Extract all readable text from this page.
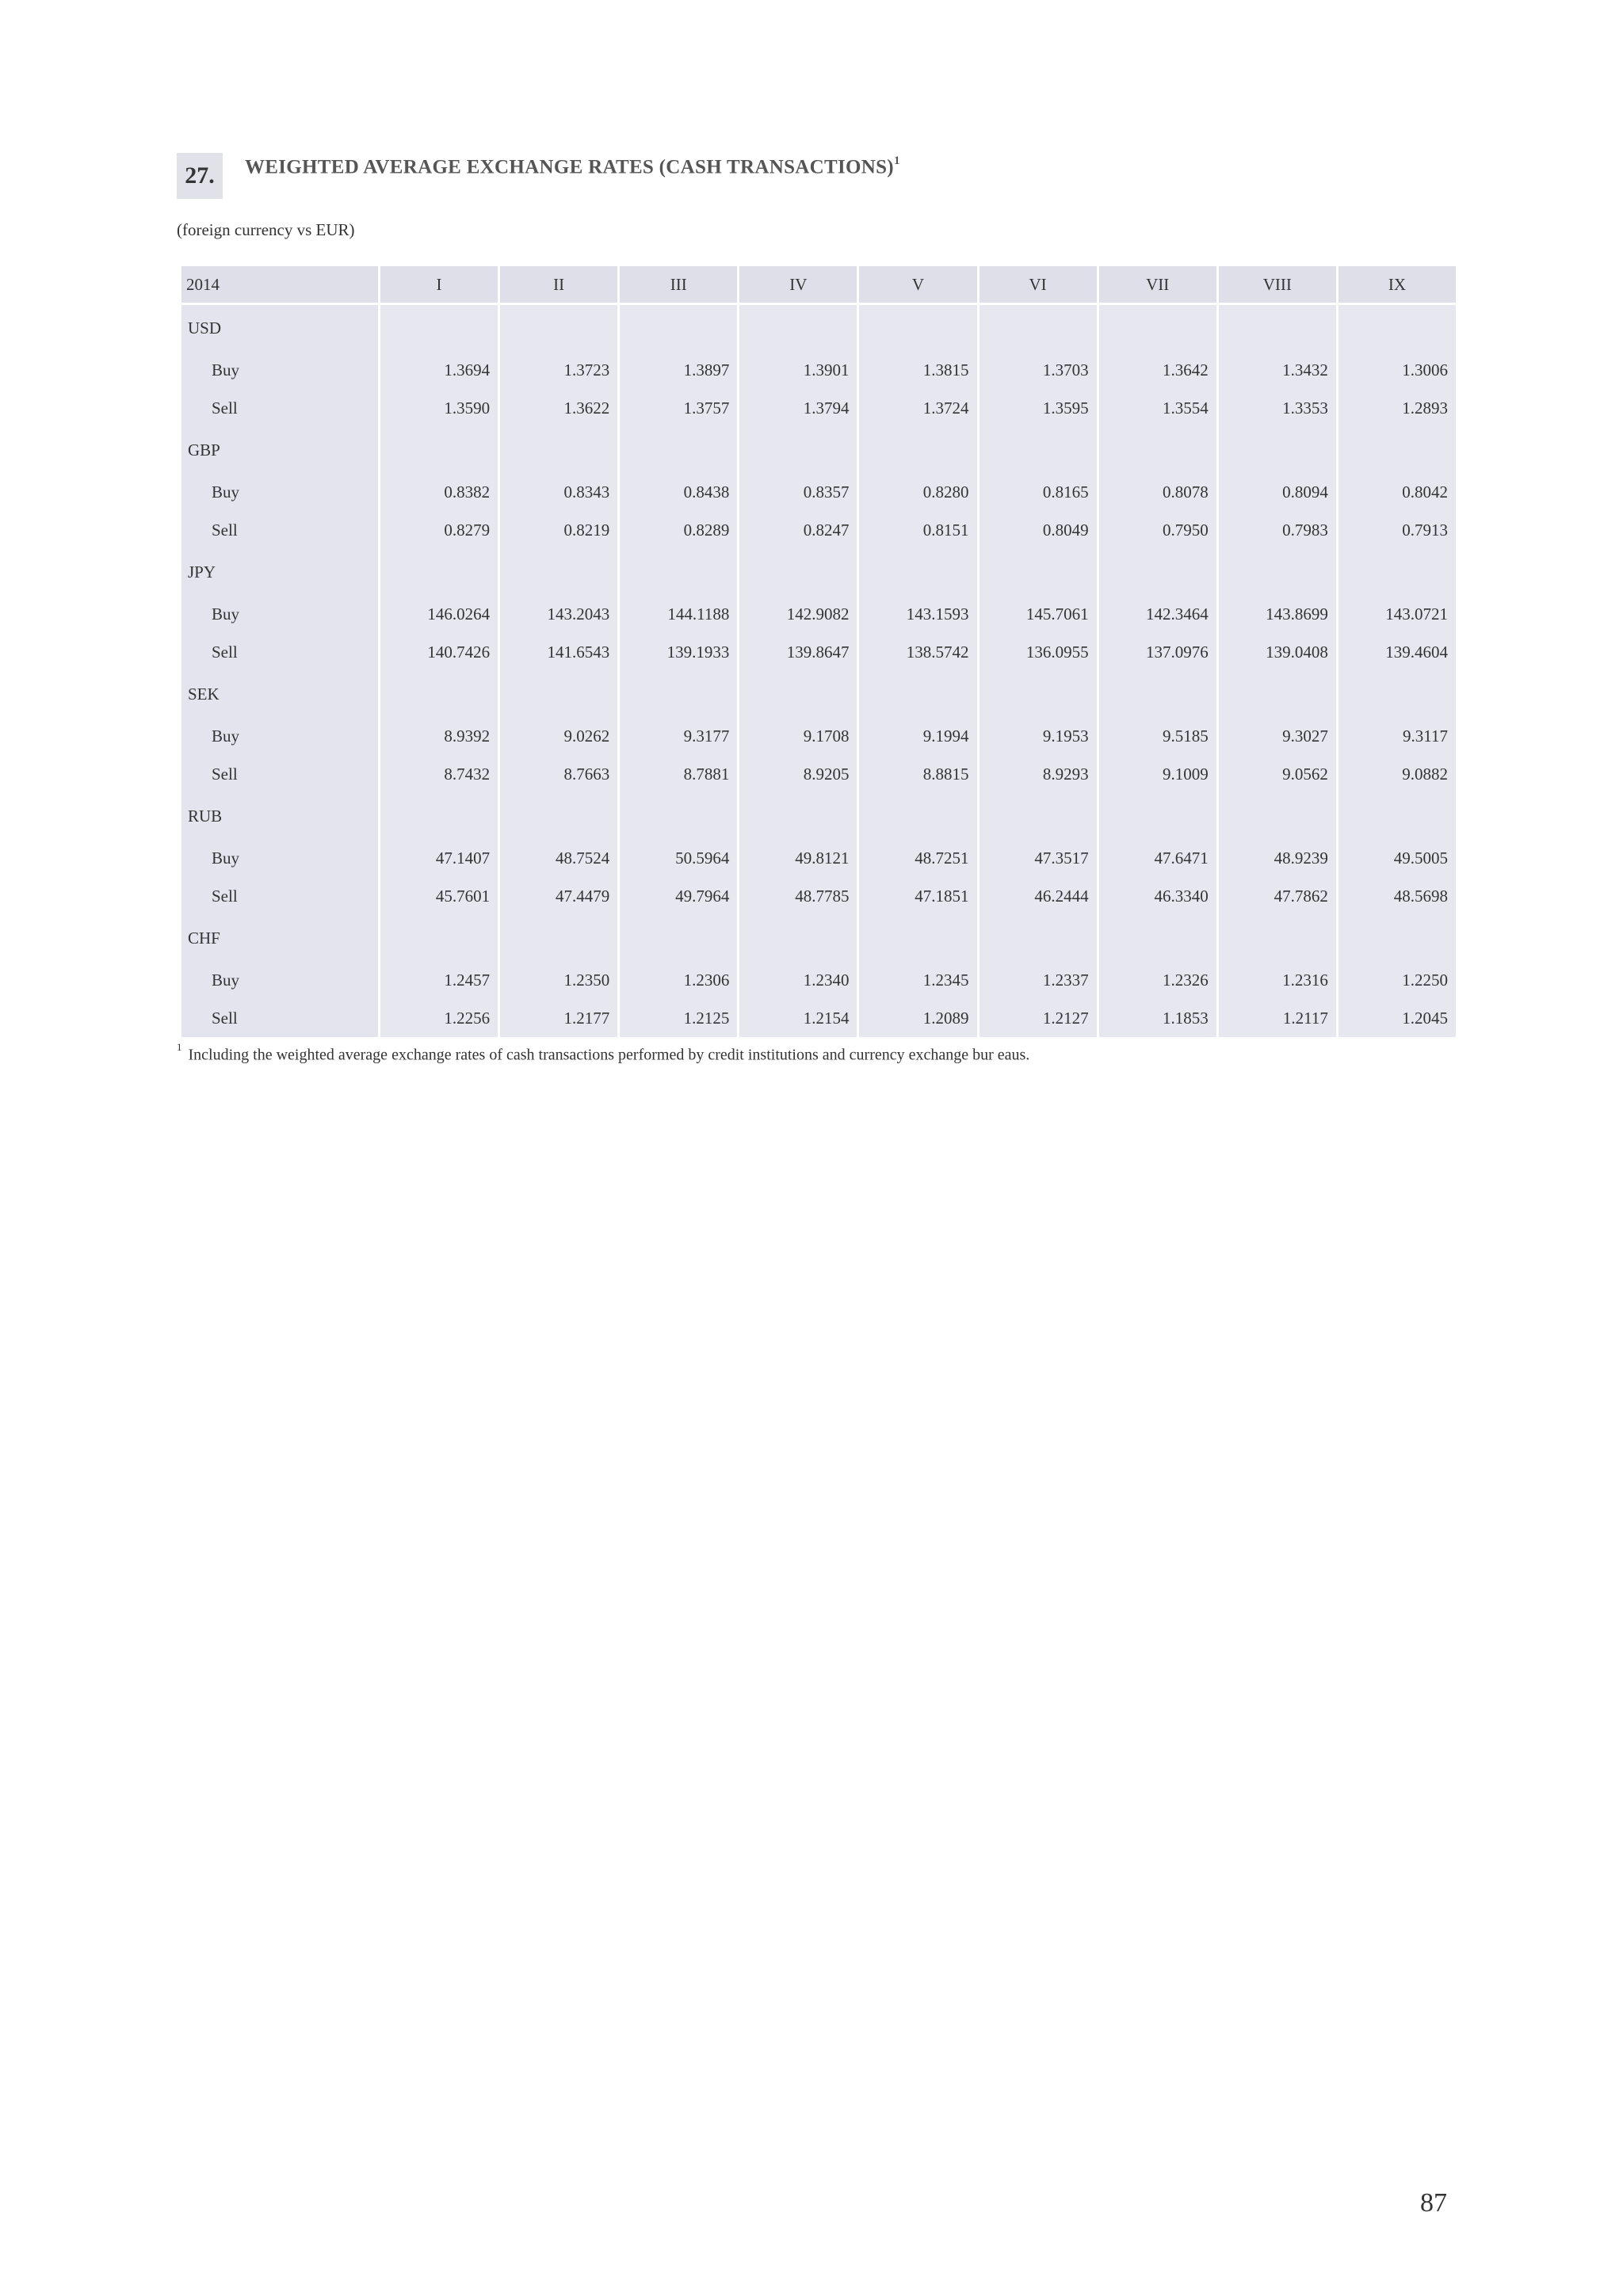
27.	WEIGHTED AVERAGE EXCHANGE RATES (CASH TRANSACTIONS)$^1$
(foreign currency vs EUR)
2014	I	II	III	IV	V	VI	VII	VIII	IX
USD									
Buy	1.3694	1.3723	1.3897	1.3901	1.3815	1.3703	1.3642	1.3432	1.3006
Sell	1.3590	1.3622	1.3757	1.3794	1.3724	1.3595	1.3554	1.3353	1.2893
GBP									
Buy	0.8382	0.8343	0.8438	0.8357	0.8280	0.8165	0.8078	0.8094	0.8042
Sell	0.8279	0.8219	0.8289	0.8247	0.8151	0.8049	0.7950	0.7983	0.7913
JPY									
Buy	146.0264	143.2043	144.1188	142.9082	143.1593	145.7061	142.3464	143.8699	143.0721
Sell	140.7426	141.6543	139.1933	139.8647	138.5742	136.0955	137.0976	139.0408	139.4604
SEK									
Buy	8.9392	9.0262	9.3177	9.1708	9.1994	9.1953	9.5185	9.3027	9.3117
Sell	8.7432	8.7663	8.7881	8.9205	8.8815	8.9293	9.1009	9.0562	9.0882
RUB									
Buy	47.1407	48.7524	50.5964	49.8121	48.7251	47.3517	47.6471	48.9239	49.5005
Sell	45.7601	47.4479	49.7964	48.7785	47.1851	46.2444	46.3340	47.7862	48.5698
CHF									
Buy	1.2457	1.2350	1.2306	1.2340	1.2345	1.2337	1.2326	1.2316	1.2250
Sell	1.2256	1.2177	1.2125	1.2154	1.2089	1.2127	1.1853	1.2117	1.2045
$^1$ Including the weighted average exchange rates of cash transactions performed by credit institutions and currency exchange bur eaus.
87
